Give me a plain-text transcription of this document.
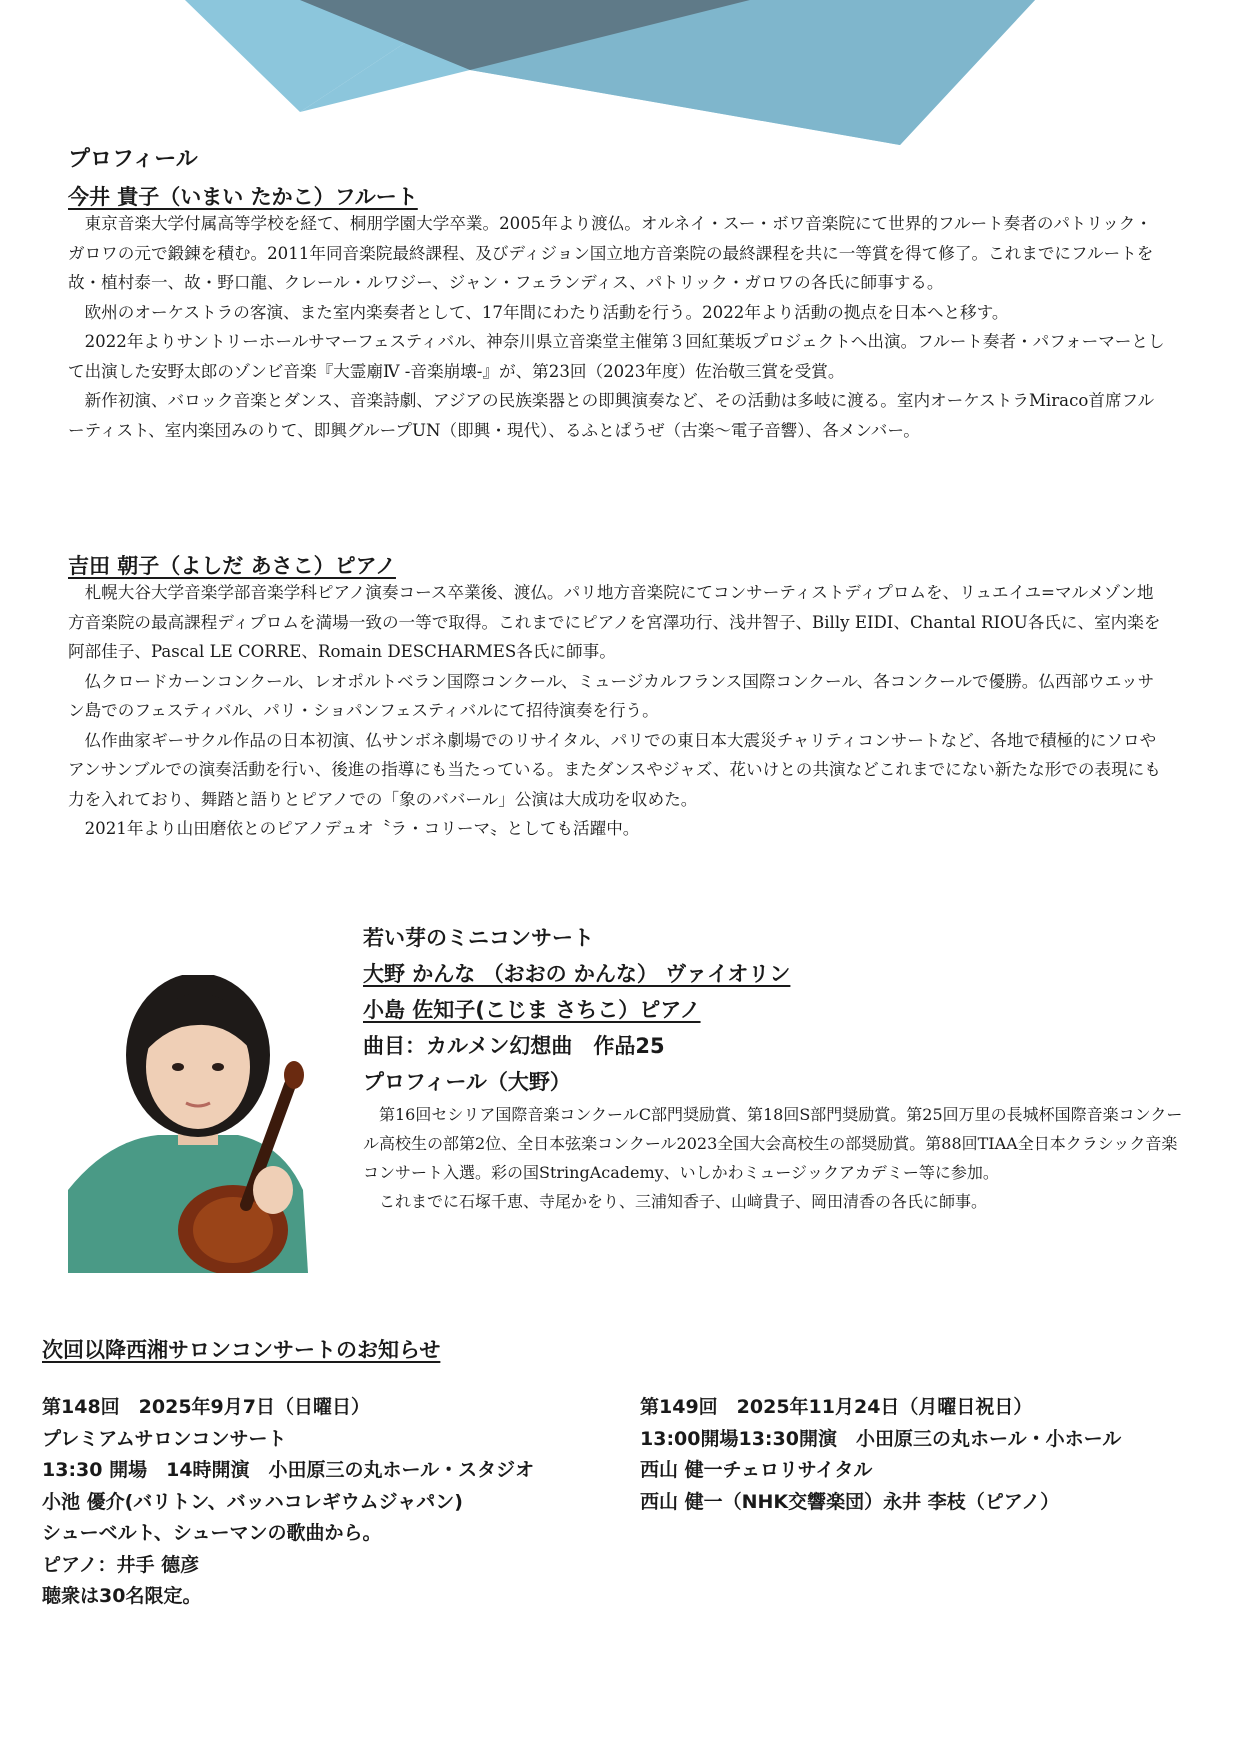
プロフィール
今井 貴子（いまい たかこ）フルート

東京音楽大学付属高等学校を経て、桐朋学園大学卒業。2005年より渡仏。オルネイ・スー・ボワ音楽院にて世界的フルート奏者のパトリック・ガロワの元で鍛錬を積む。2011年同音楽院最終課程、及びディジョン国立地方音楽院の最終課程を共に一等賞を得て修了。これまでにフルートを故・植村泰一、故・野口龍、クレール・ルワジー、ジャン・フェランディス、パトリック・ガロワの各氏に師事する。

欧州のオーケストラの客演、また室内楽奏者として、17年間にわたり活動を行う。2022年より活動の拠点を日本へと移す。

2022年よりサントリーホールサマーフェスティバル、神奈川県立音楽堂主催第３回紅葉坂プロジェクトへ出演。フルート奏者・パフォーマーとして出演した安野太郎のゾンビ音楽『大霊廟Ⅳ -音楽崩壊-』が、第23回（2023年度）佐治敬三賞を受賞。

新作初演、バロック音楽とダンス、音楽詩劇、アジアの民族楽器との即興演奏など、その活動は多岐に渡る。室内オーケストラMiraco首席フルーティスト、室内楽団みのりて、即興グループUN（即興・現代）、るふとぱうぜ（古楽〜電子音響）、各メンバー。

吉田 朝子（よしだ あさこ）ピアノ

札幌大谷大学音楽学部音楽学科ピアノ演奏コース卒業後、渡仏。パリ地方音楽院にてコンサーティストディプロムを、リュエイユ=マルメゾン地方音楽院の最高課程ディプロムを満場一致の一等で取得。これまでにピアノを宮澤功行、浅井智子、Billy EIDI、Chantal RIOU各氏に、室内楽を阿部佳子、Pascal LE CORRE、Romain DESCHARMES各氏に師事。

仏クロードカーンコンクール、レオポルトベラン国際コンクール、ミュージカルフランス国際コンクール、各コンクールで優勝。仏西部ウエッサン島でのフェスティバル、パリ・ショパンフェスティバルにて招待演奏を行う。

仏作曲家ギーサクル作品の日本初演、仏サンボネ劇場でのリサイタル、パリでの東日本大震災チャリティコンサートなど、各地で積極的にソロやアンサンブルでの演奏活動を行い、後進の指導にも当たっている。またダンスやジャズ、花いけとの共演などこれまでにない新たな形での表現にも力を入れており、舞踏と語りとピアノでの「象のババール」公演は大成功を収めた。

2021年より山田磨依とのピアノデュオ〝ラ・コリーマ〟としても活躍中。

若い芽のミニコンサート
大野 かんな （おおの かんな） ヴァイオリン
小島 佐知子(こじま さちこ）ピアノ
曲目：カルメン幻想曲　作品25
プロフィール（大野）

第16回セシリア国際音楽コンクールC部門奨励賞、第18回S部門奨励賞。第25回万里の長城杯国際音楽コンクール高校生の部第2位、全日本弦楽コンクール2023全国大会高校生の部奨励賞。第88回TIAA全日本クラシック音楽コンサート入選。彩の国StringAcademy、いしかわミュージックアカデミー等に参加。

これまでに石塚千恵、寺尾かをり、三浦知香子、山﨑貴子、岡田清香の各氏に師事。

次回以降西湘サロンコンサートのお知らせ
第148回　2025年9月7日（日曜日）
プレミアムサロンコンサート
13:30 開場　14時開演　小田原三の丸ホール・スタジオ
小池 優介(バリトン、バッハコレギウムジャパン)
シューベルト、シューマンの歌曲から。
ピアノ：井手 德彦
聴衆は30名限定。
第149回　2025年11月24日（月曜日祝日）
13:00開場13:30開演　小田原三の丸ホール・小ホール
西山 健一チェロリサイタル
西山 健一（NHK交響楽団）永井 李枝（ピアノ）
